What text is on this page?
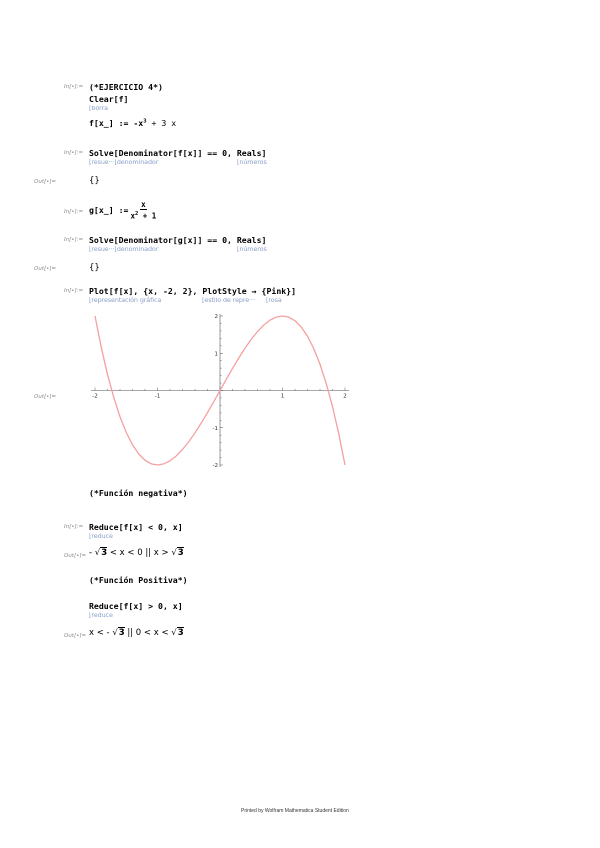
In[•]:= (*EJERCICIO 4*)
Clear[f]
⌊borra
f[x_] := $-x^3 + 3$ x
In[•]:= Solve[Denominator[f[x]] == 0, Reals]
⌊resue···⌊denominador	⌊números
Out[•]=	{}
In[•]:= g[x_] := $\frac{x}{x^2 + 1}$
In[•]:= Solve[Denominator[g[x]] == 0, Reals]
⌊resue···⌊denominador	⌊números
Out[•]=	{}
In[•]:= Plot[f[x], {x, -2, 2}, PlotStyle → {Pink}]
⌊representación gráfica	⌊estilo de repre··· ⌊rosa
Out[•]=	-2	-1	1	2
-2
-1
1
2
(*Función negativa*)
In[•]:= Reduce[f[x] < 0, x]
⌊reduce
Out[•]= - √3 < x < 0 || x > √3
(*Función Positiva*)
Reduce[f[x] > 0, x]
⌊reduce
Out[•]= x < - √3 || 0 < x < √3
Printed by Wolfram Mathematica Student Edition
